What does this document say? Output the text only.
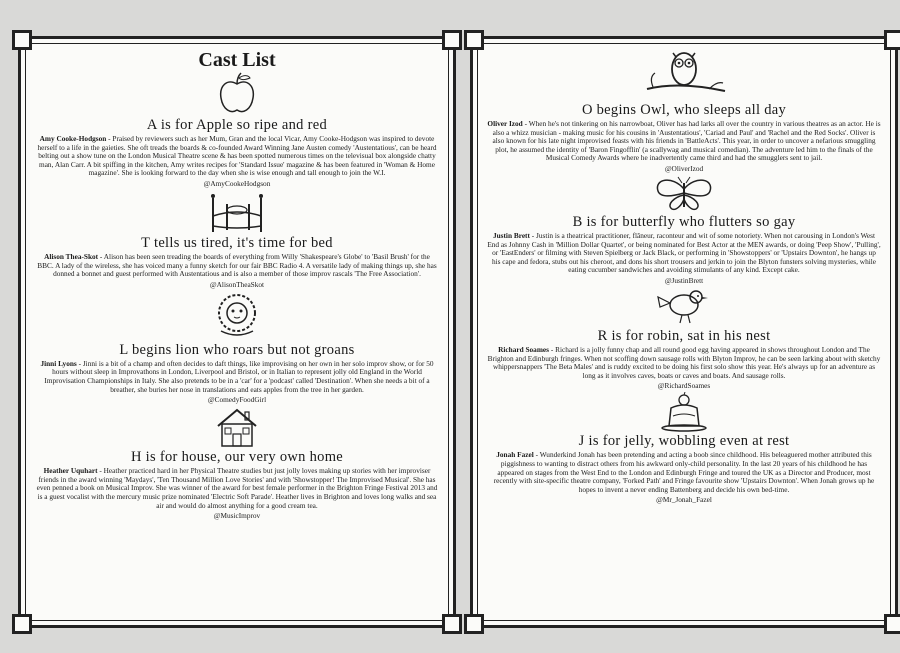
Cast List
A is for Apple so ripe and red

Amy Cooke-Hodgson - Praised by reviewers such as her Mum, Gran and the local Vicar, Amy Cooke-Hodgson was inspired to devote herself to a life in the gaieties. She oft treads the boards & co-founded Award Winning Jane Austen comedy 'Austentatious', can be heard belting out a show tune on the London Musical Theatre scene & has been spotted numerous times on the televisual box alongside chatty man, Alan Carr. A bit spiffing in the kitchen, Amy writes recipes for 'Standard Issue' magazine & has been featured in 'Woman & Home magazine'. She is looking forward to the day when she is wise enough and tall enough to join the W.I.

@AmyCookeHodgson
T tells us tired, it's time for bed

Alison Thea-Skot - Alison has been seen treading the boards of everything from Willy 'Shakespeare's Globe' to 'Basil Brush' for the BBC. A lady of the wireless, she has voiced many a funny sketch for our fair BBC Radio 4. A versatile lady of making things up, she has donned a bonnet and guest performed with Austentatious and is also a member of those improv rascals 'The Free Association'.

@AlisonTheaSkot
L begins lion who roars but not groans

Jinni Lyons - Jinni is a bit of a champ and often decides to daft things, like improvising on her own in her solo improv show, or for 50 hours without sleep in Improvathons in London, Liverpool and Bristol, or in Italian to represent jolly old England in the World Improvisation Championships in Italy. She also pretends to be in a 'car' for a 'podcast' called 'Destination'. When she needs a bit of a breather, she buries her nose in translations and eats apples from the tree in her garden.

@ComedyFoodGirl
H is for house, our very own home

Heather Uquhart - Heather practiced hard in her Physical Theatre studies but just jolly loves making up stories with her improviser friends in the award winning 'Maydays', 'Ten Thousand Million Love Stories' and with 'Showstopper! The Improvised Musical'. She has even penned a book on Musical Improv. She was winner of the award for best female performer in the Brighton Fringe Festival 2013 and is a guest vocalist with the mercury music prize nominated 'Electric Soft Parade'. Heather lives in Brighton and loves long walks and sea air and would do almost anything for a good cream tea.

@MusicImprov
O begins Owl, who sleeps all day

Oliver Izod - When he's not tinkering on his narrowboat, Oliver has had larks all over the country in various theatres as an actor. He is also a whizz musician - making music for his cousins in 'Austentatious', 'Cariad and Paul' and 'Rachel and the Red Socks'. Oliver is also known for his late night improvised feasts with his friends in 'BattleActs'. This year, in order to uncover a nefarious smuggling plot, he assumed the identity of 'Baron Fingofflin' (a scallywag and musical comedian). The adventure led him to the finals of the Musical Comedy Awards where he inadvertently came third and had the smugglers sent to jail.

@OliverIzod
B is for butterfly who flutters so gay

Justin Brett - Justin is a theatrical practitioner, flâneur, raconteur and wit of some notoriety. When not carousing in London's West End as Johnny Cash in 'Million Dollar Quartet', or being nominated for Best Actor at the MEN awards, or doing 'Peep Show', 'Pulling', or 'EastEnders' or filming with Steven Spielberg or Jack Black, or performing in 'Showstoppers' or 'Upstairs Downton', he hangs up his cape and fedora, stubs out his cheroot, and dons his short trousers and jerkin to join the Blyton funsters solving mysteries, while eating cucumber sandwiches and avoiding stimulants of any kind. Except cake.

@JustinBrett
R is for robin, sat in his nest

Richard Soames - Richard is a jolly funny chap and all round good egg having appeared in shows throughout London and The Brighton and Edinburgh fringes. When not scoffing down sausage rolls with Blyton Improv, he can be seen larking about with sketchy whippersnappers 'The Beta Males' and is ruddy excited to be doing his first solo show this year. He's always up for an adventure as long as it involves caves, boats or caves and boats. And sausage rolls.

@RichardSoames
J is for jelly, wobbling even at rest

Jonah Fazel - Wunderkind Jonah has been pretending and acting a boob since childhood. His beleaguered mother attributed this piggishness to wanting to distract others from his awkward only-child personality. In the last 20 years of his childhood he has appeared on stages from the West End to the London and Edinburgh Fringe and toured the UK as a Director and Producer, most recently with site-specific theatre company, 'Forked Path' and Fringe favourite show 'Upstairs Downton'. When Jonah grows up he hopes to invent a never ending Battenberg and decide his own bed-time.

@Mr_Jonah_Fazel
